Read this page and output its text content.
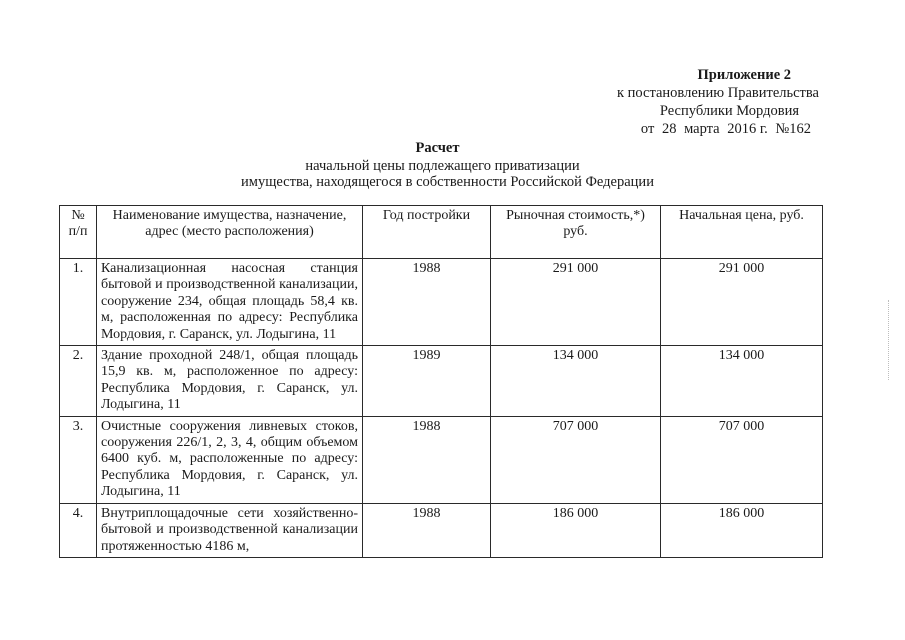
Приложение 2
к постановлению Правительства
Республики Мордовия
от 28 марта 2016 г. №162
Расчет
начальной цены подлежащего приватизации
имущества, находящегося в собственности Российской Федерации
№ п/п	Наименование имущества, назначение, адрес (место расположения)	Год постройки	Рыночная стоимость,*) руб.	Начальная цена, руб.
1.	Канализационная насосная станция бытовой и производственной канализации, сооружение 234, общая площадь 58,4 кв. м, расположенная по адресу: Республика Мордовия, г. Саранск, ул. Лодыгина, 11	1988	291 000	291 000
2.	Здание проходной 248/1, общая площадь 15,9 кв. м, расположенное по адресу: Республика Мордовия, г. Саранск, ул. Лодыгина, 11	1989	134 000	134 000
3.	Очистные сооружения ливневых стоков, сооружения 226/1, 2, 3, 4, общим объемом 6400 куб. м, расположенные по адресу: Республика Мордовия, г. Саранск, ул. Лодыгина, 11	1988	707 000	707 000
4.	Внутриплощадочные сети хозяйственно-бытовой и производственной канализации протяженностью 4186 м,	1988	186 000	186 000
